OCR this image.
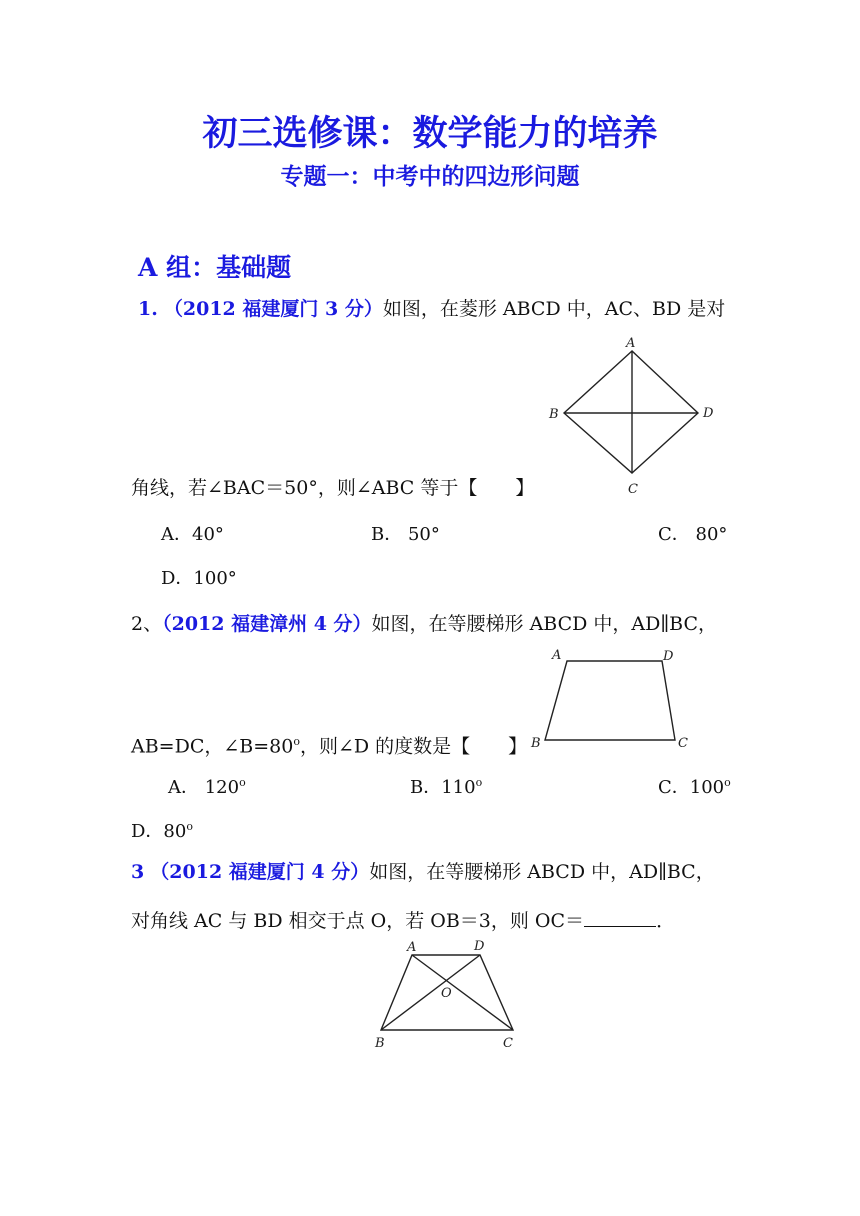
初三选修课：数学能力的培养
专题一：中考中的四边形问题
A 组：基础题
1. （2012 福建厦门 3 分）如图，在菱形 ABCD 中，AC、BD 是对
A
B
C
D
角线，若∠BAC＝50°，则∠ABC 等于【　　】
A．40°	B． 50°	C． 80°
D．100°
2、（2012 福建漳州 4 分）如图，在等腰梯形 ABCD 中，AD∥BC，
A	D
B	C
AB=DC，$\angle B=80^o$，则∠D 的度数是【　　】
A． 120$^o$	B．110$^o$	C．100$^o$
D．80$^o$
3 （2012 福建厦门 4 分）如图，在等腰梯形 ABCD 中，AD∥BC，
对角线 AC 与 BD 相交于点 O，若 OB＝3，则 OC＝	．
A	D
O
B	C
